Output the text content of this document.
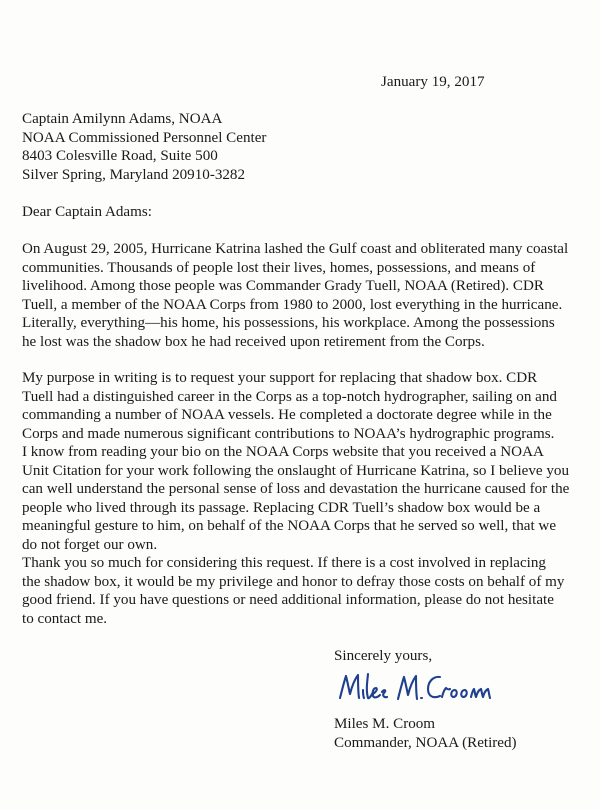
January 19, 2017
Captain Amilynn Adams, NOAA
NOAA Commissioned Personnel Center
8403 Colesville Road, Suite 500
Silver Spring, Maryland 20910-3282
Dear Captain Adams:

On August 29, 2005, Hurricane Katrina lashed the Gulf coast and obliterated many coastal
communities. Thousands of people lost their lives, homes, possessions, and means of
livelihood. Among those people was Commander Grady Tuell, NOAA (Retired). CDR
Tuell, a member of the NOAA Corps from 1980 to 2000, lost everything in the hurricane.
Literally, everything—his home, his possessions, his workplace. Among the possessions
he lost was the shadow box he had received upon retirement from the Corps.

My purpose in writing is to request your support for replacing that shadow box. CDR
Tuell had a distinguished career in the Corps as a top-notch hydrographer, sailing on and
commanding a number of NOAA vessels. He completed a doctorate degree while in the
Corps and made numerous significant contributions to NOAA’s hydrographic programs.

I know from reading your bio on the NOAA Corps website that you received a NOAA
Unit Citation for your work following the onslaught of Hurricane Katrina, so I believe you
can well understand the personal sense of loss and devastation the hurricane caused for the
people who lived through its passage. Replacing CDR Tuell’s shadow box would be a
meaningful gesture to him, on behalf of the NOAA Corps that he served so well, that we
do not forget our own.

Thank you so much for considering this request. If there is a cost involved in replacing
the shadow box, it would be my privilege and honor to defray those costs on behalf of my
good friend. If you have questions or need additional information, please do not hesitate
to contact me.

Sincerely yours,
Miles M. Croom
Commander, NOAA (Retired)
